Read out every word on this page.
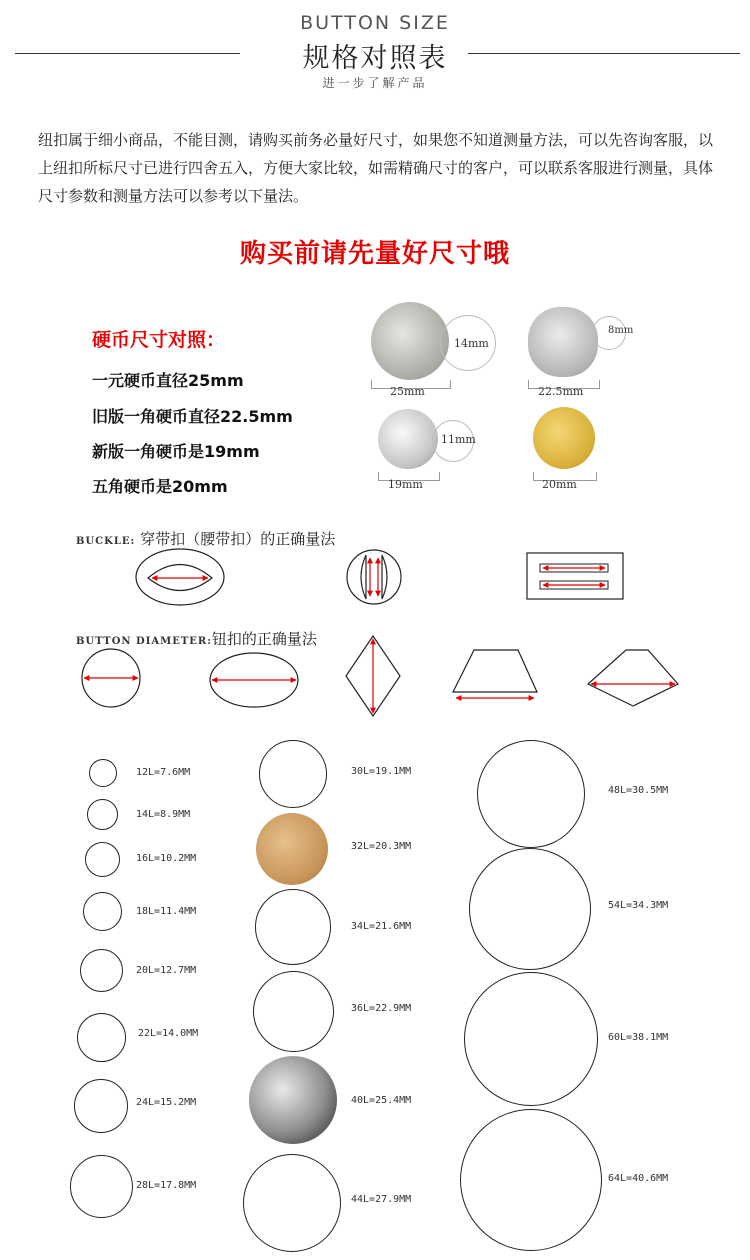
BUTTON SIZE
规格对照表
进一步了解产品
纽扣属于细小商品，不能目测，请购买前务必量好尺寸，如果您不知道测量方法，可以先咨询客服，以上纽扣所标尺寸已进行四舍五入，方便大家比较，如需精确尺寸的客户，可以联系客服进行测量，具体尺寸参数和测量方法可以参考以下量法。
购买前请先量好尺寸哦
硬币尺寸对照：
一元硬币直径25mm
旧版一角硬币直径22.5mm
新版一角硬币是19mm
五角硬币是20mm
14mm
25mm
8mm
22.5mm
11mm
19mm	20mm
BUCKLE: 穿带扣（腰带扣）的正确量法
BUTTON DIAMETER:钮扣的正确量法
12L=7.6MM
14L=8.9MM
16L=10.2MM
18L=11.4MM
20L=12.7MM
22L=14.0MM
24L=15.2MM
28L=17.8MM
30L=19.1MM
32L=20.3MM
34L=21.6MM
36L=22.9MM
40L=25.4MM
44L=27.9MM
48L=30.5MM
54L=34.3MM
60L=38.1MM
64L=40.6MM
